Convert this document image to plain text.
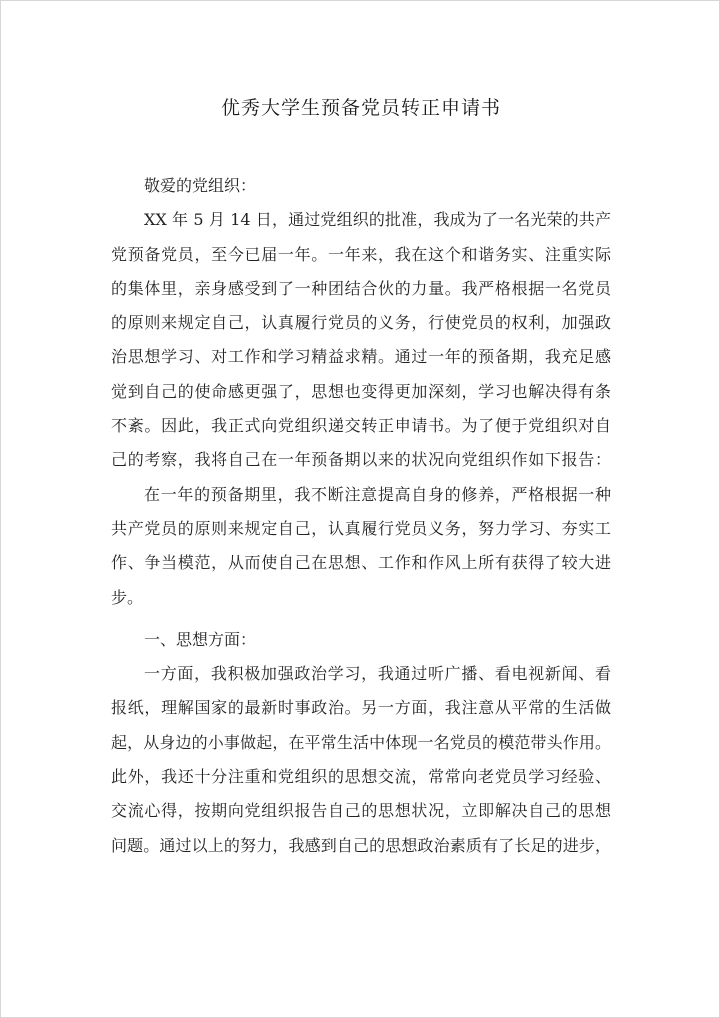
优秀大学生预备党员转正申请书
敬爱的党组织：
XX 年 5 月 14 日，通过党组织的批准，我成为了一名光荣的共产
党预备党员，至今已届一年。一年来，我在这个和谐务实、注重实际
的集体里，亲身感受到了一种团结合伙的力量。我严格根据一名党员
的原则来规定自己，认真履行党员的义务，行使党员的权利，加强政
治思想学习、对工作和学习精益求精。通过一年的预备期，我充足感
觉到自己的使命感更强了，思想也变得更加深刻，学习也解决得有条
不紊。因此，我正式向党组织递交转正申请书。为了便于党组织对自
己的考察，我将自己在一年预备期以来的状况向党组织作如下报告：
在一年的预备期里，我不断注意提高自身的修养，严格根据一种
共产党员的原则来规定自己，认真履行党员义务，努力学习、夯实工
作、争当模范，从而使自己在思想、工作和作风上所有获得了较大进
步。
一、思想方面：
一方面，我积极加强政治学习，我通过听广播、看电视新闻、看
报纸，理解国家的最新时事政治。另一方面，我注意从平常的生活做
起，从身边的小事做起，在平常生活中体现一名党员的模范带头作用。
此外，我还十分注重和党组织的思想交流，常常向老党员学习经验、
交流心得，按期向党组织报告自己的思想状况，立即解决自己的思想
问题。通过以上的努力，我感到自己的思想政治素质有了长足的进步，
